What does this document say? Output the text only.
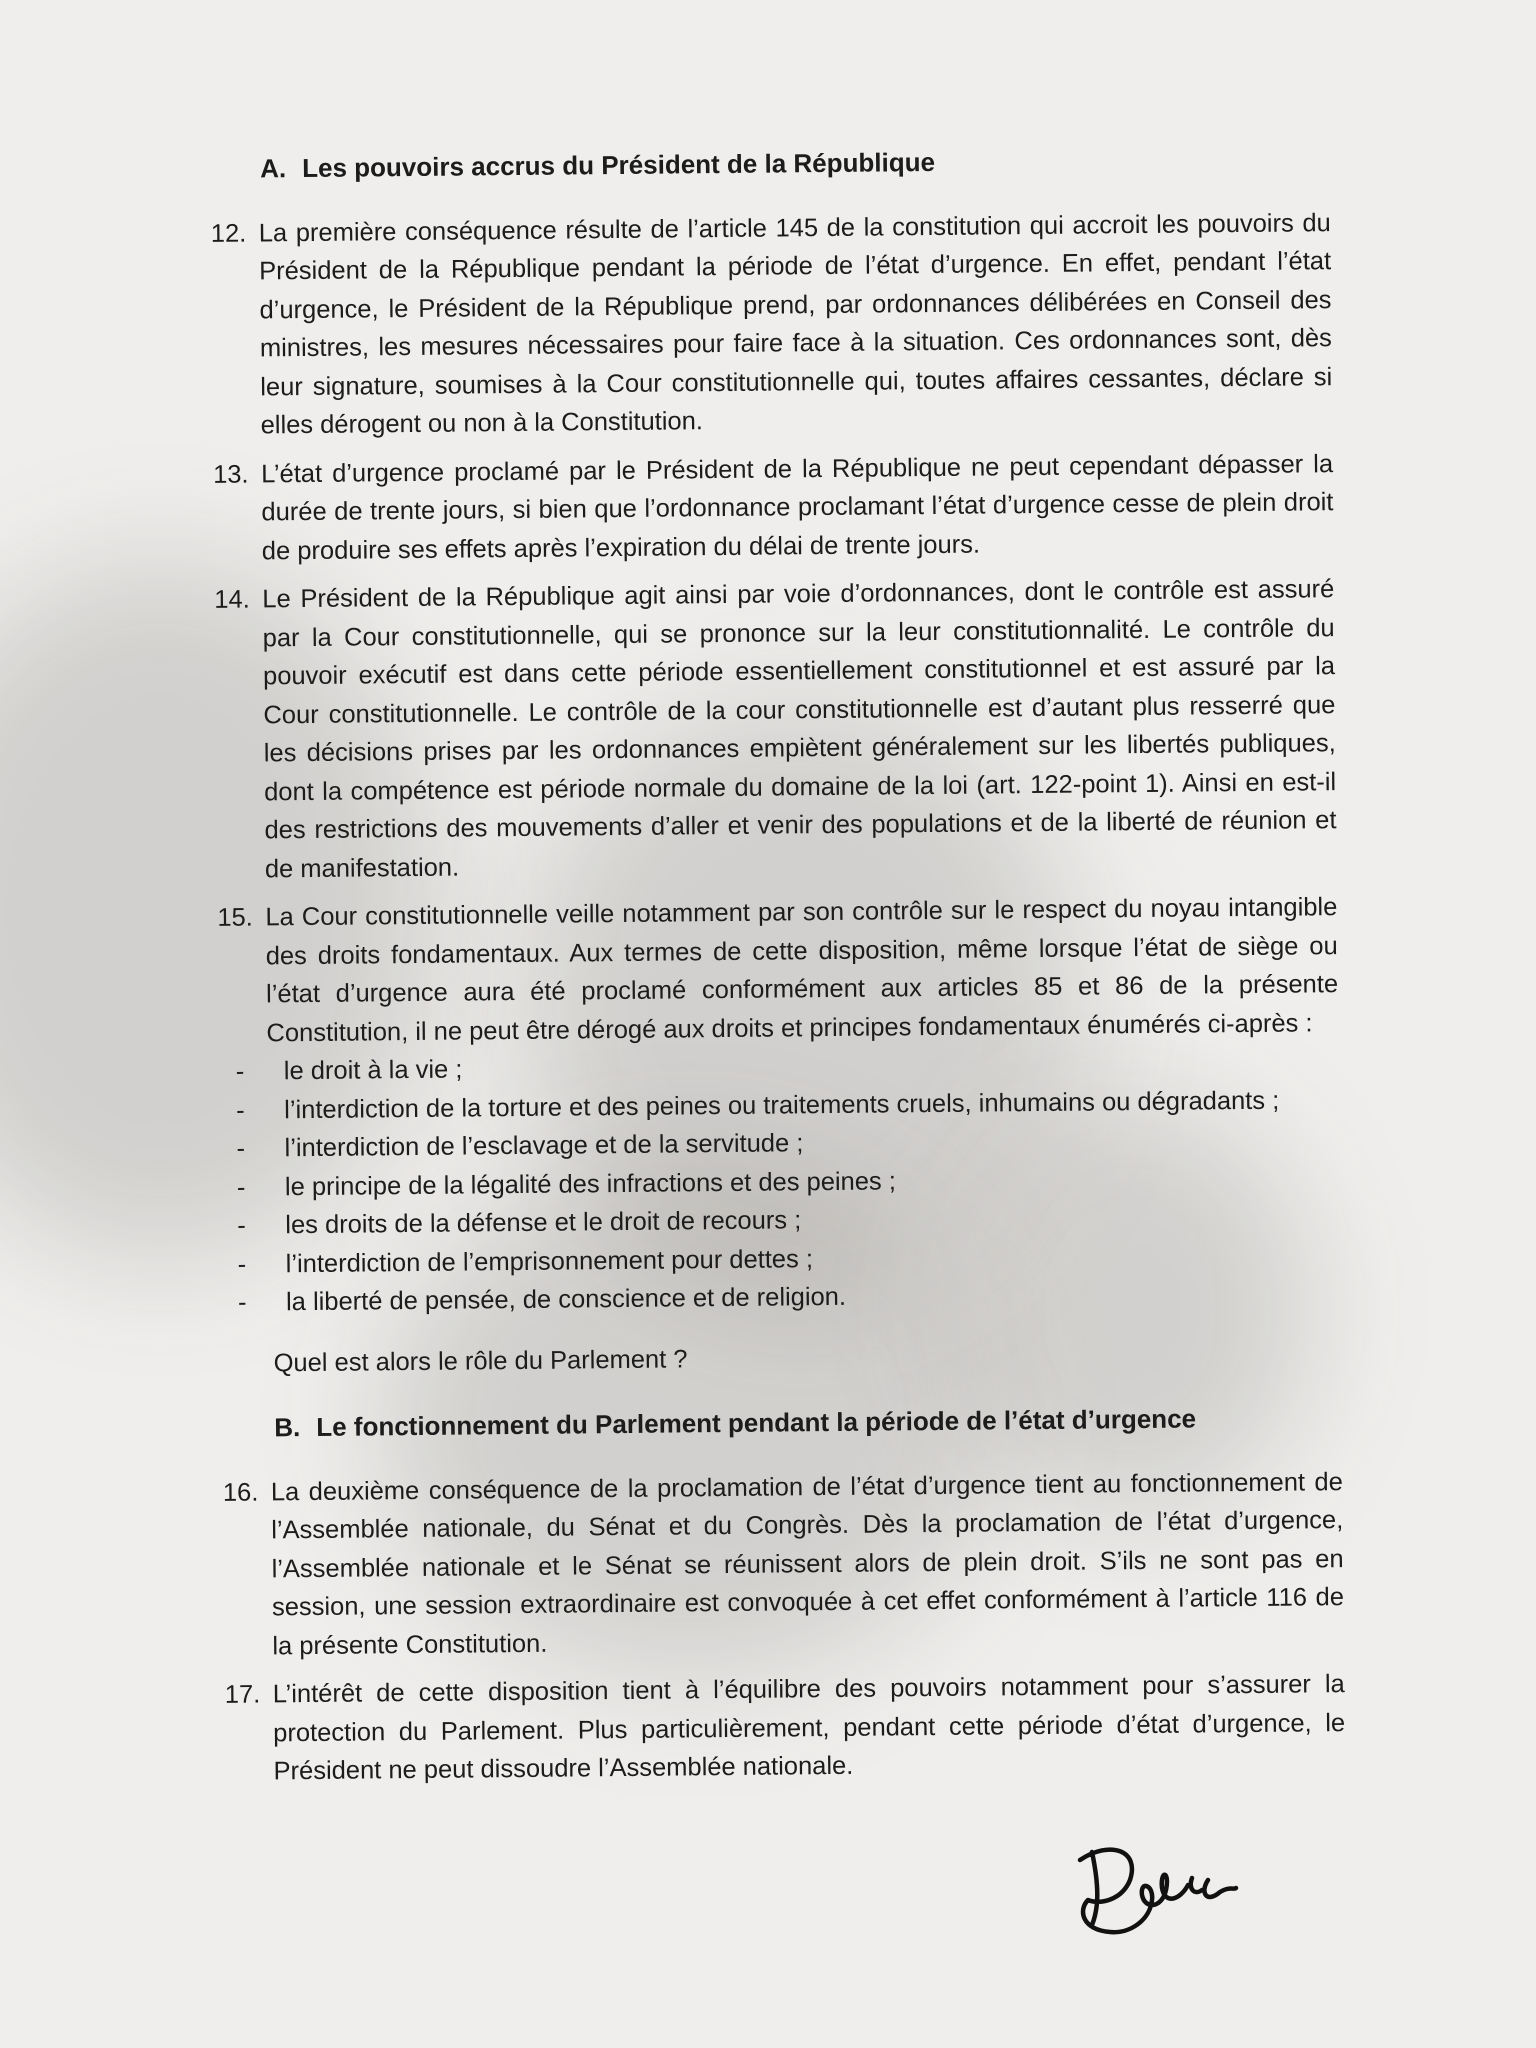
A. Les pouvoirs accrus du Président de la République
12. La première conséquence résulte de l’article 145 de la constitution qui accroit les pouvoirs du Président de la République pendant la période de l’état d’urgence. En effet, pendant l’état d’urgence, le Président de la République prend, par ordonnances délibérées en Conseil des ministres, les mesures nécessaires pour faire face à la situation. Ces ordonnances sont, dès leur signature, soumises à la Cour constitutionnelle qui, toutes affaires cessantes, déclare si elles dérogent ou non à la Constitution.
13. L’état d’urgence proclamé par le Président de la République ne peut cependant dépasser la durée de trente jours, si bien que l’ordonnance proclamant l’état d’urgence cesse de plein droit de produire ses effets après l’expiration du délai de trente jours.
14. Le Président de la République agit ainsi par voie d’ordonnances, dont le contrôle est assuré par la Cour constitutionnelle, qui se prononce sur la leur constitutionnalité. Le contrôle du pouvoir exécutif est dans cette période essentiellement constitutionnel et est assuré par la Cour constitutionnelle. Le contrôle de la cour constitutionnelle est d’autant plus resserré que les décisions prises par les ordonnances empiètent généralement sur les libertés publiques, dont la compétence est période normale du domaine de la loi (art. 122-point 1). Ainsi en est-il des restrictions des mouvements d’aller et venir des populations et de la liberté de réunion et de manifestation.
15. La Cour constitutionnelle veille notamment par son contrôle sur le respect du noyau intangible des droits fondamentaux. Aux termes de cette disposition, même lorsque l’état de siège ou l’état d’urgence aura été proclamé conformément aux articles 85 et 86 de la présente Constitution, il ne peut être dérogé aux droits et principes fondamentaux énumérés ci-après :
- le droit à la vie ;
- l’interdiction de la torture et des peines ou traitements cruels, inhumains ou dégradants ;
- l’interdiction de l’esclavage et de la servitude ;
- le principe de la légalité des infractions et des peines ;
- les droits de la défense et le droit de recours ;
- l’interdiction de l’emprisonnement pour dettes ;
- la liberté de pensée, de conscience et de religion.
Quel est alors le rôle du Parlement ?
B. Le fonctionnement du Parlement pendant la période de l’état d’urgence
16. La deuxième conséquence de la proclamation de l’état d’urgence tient au fonctionnement de l’Assemblée nationale, du Sénat et du Congrès. Dès la proclamation de l’état d’urgence, l’Assemblée nationale et le Sénat se réunissent alors de plein droit. S’ils ne sont pas en session, une session extraordinaire est convoquée à cet effet conformément à l’article 116 de la présente Constitution.
17. L’intérêt de cette disposition tient à l’équilibre des pouvoirs notamment pour s’assurer la protection du Parlement. Plus particulièrement, pendant cette période d’état d’urgence, le Président ne peut dissoudre l’Assemblée nationale.
